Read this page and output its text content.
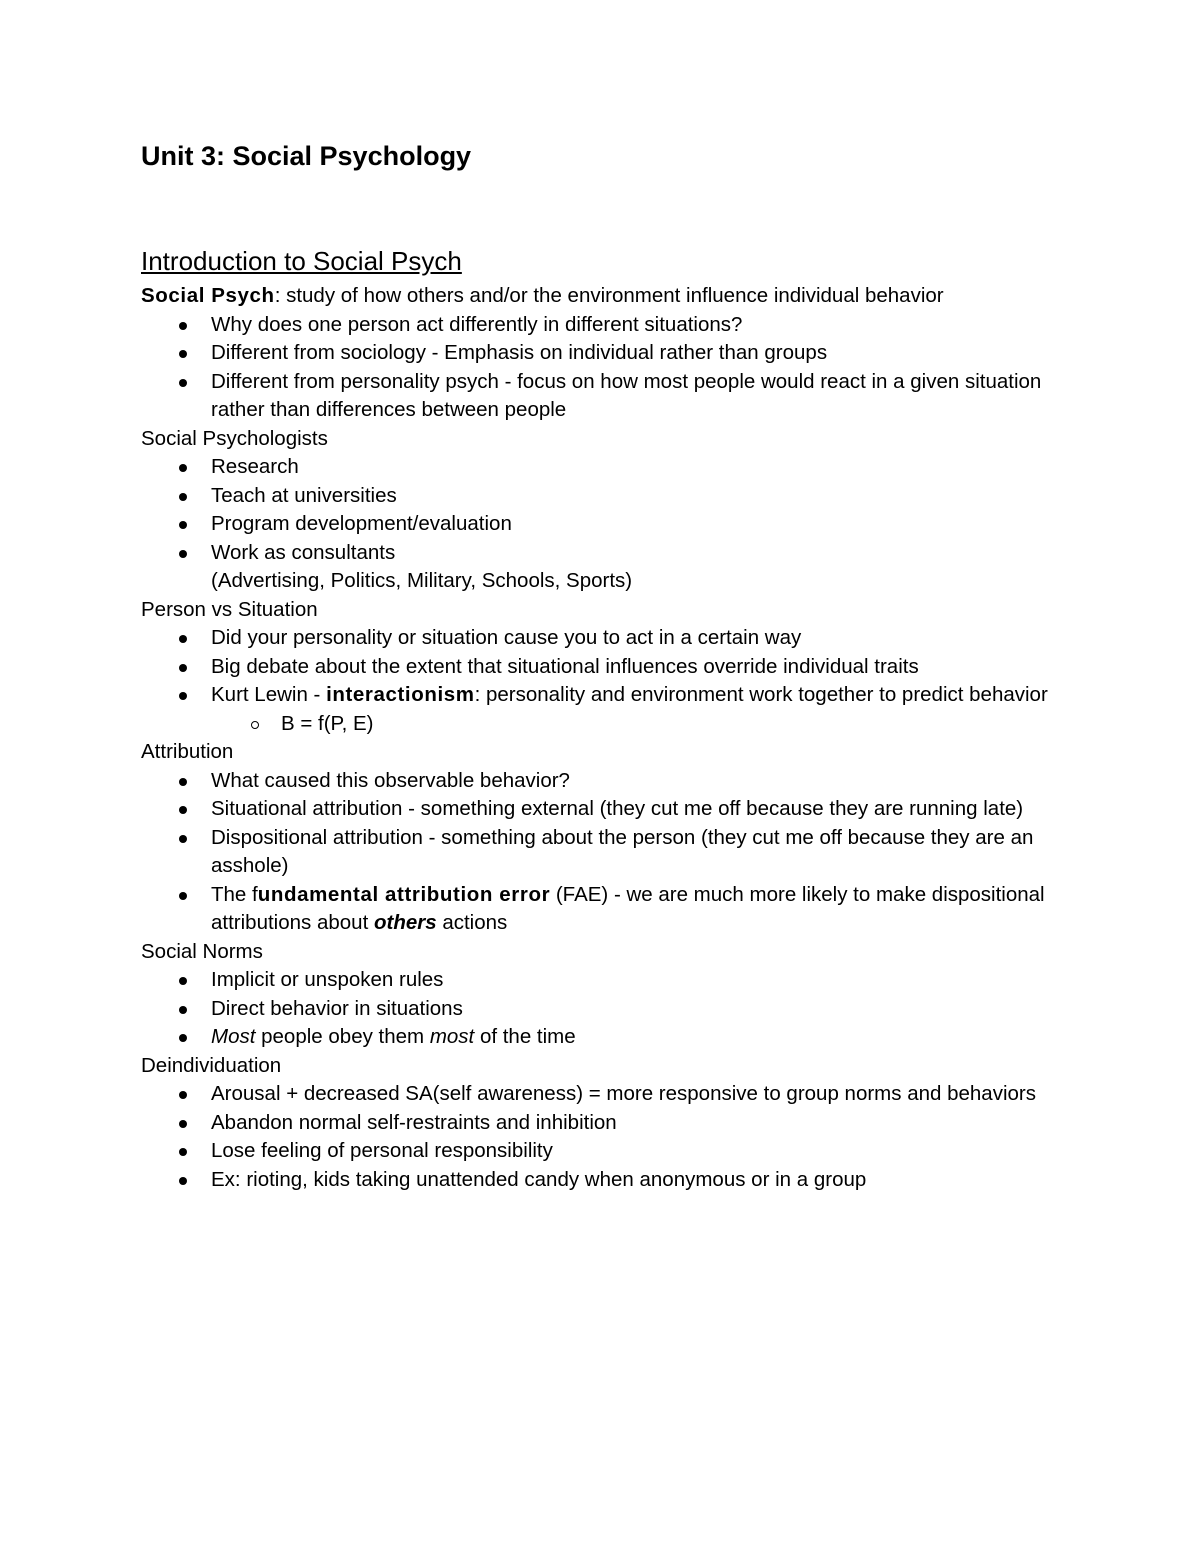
Unit 3: Social Psychology
Introduction to Social Psych

Social Psych: study of how others and/or the environment influence individual behavior

Why does one person act differently in different situations?
Different from sociology - Emphasis on individual rather than groups
Different from personality psych - focus on how most people would react in a given situation rather than differences between people

Social Psychologists

Research
Teach at universities
Program development/evaluation
Work as consultants
(Advertising, Politics, Military, Schools, Sports)

Person vs Situation

Did your personality or situation cause you to act in a certain way
Big debate about the extent that situational influences override individual traits
Kurt Lewin - interactionism: personality and environment work together to predict behavior
B = f(P, E)

Attribution

What caused this observable behavior?
Situational attribution - something external (they cut me off because they are running late)
Dispositional attribution - something about the person (they cut me off because they are an asshole)
The fundamental attribution error (FAE) - we are much more likely to make dispositional attributions about others actions

Social Norms

Implicit or unspoken rules
Direct behavior in situations
Most people obey them most of the time

Deindividuation

Arousal + decreased SA(self awareness) = more responsive to group norms and behaviors
Abandon normal self-restraints and inhibition
Lose feeling of personal responsibility
Ex: rioting, kids taking unattended candy when anonymous or in a group
